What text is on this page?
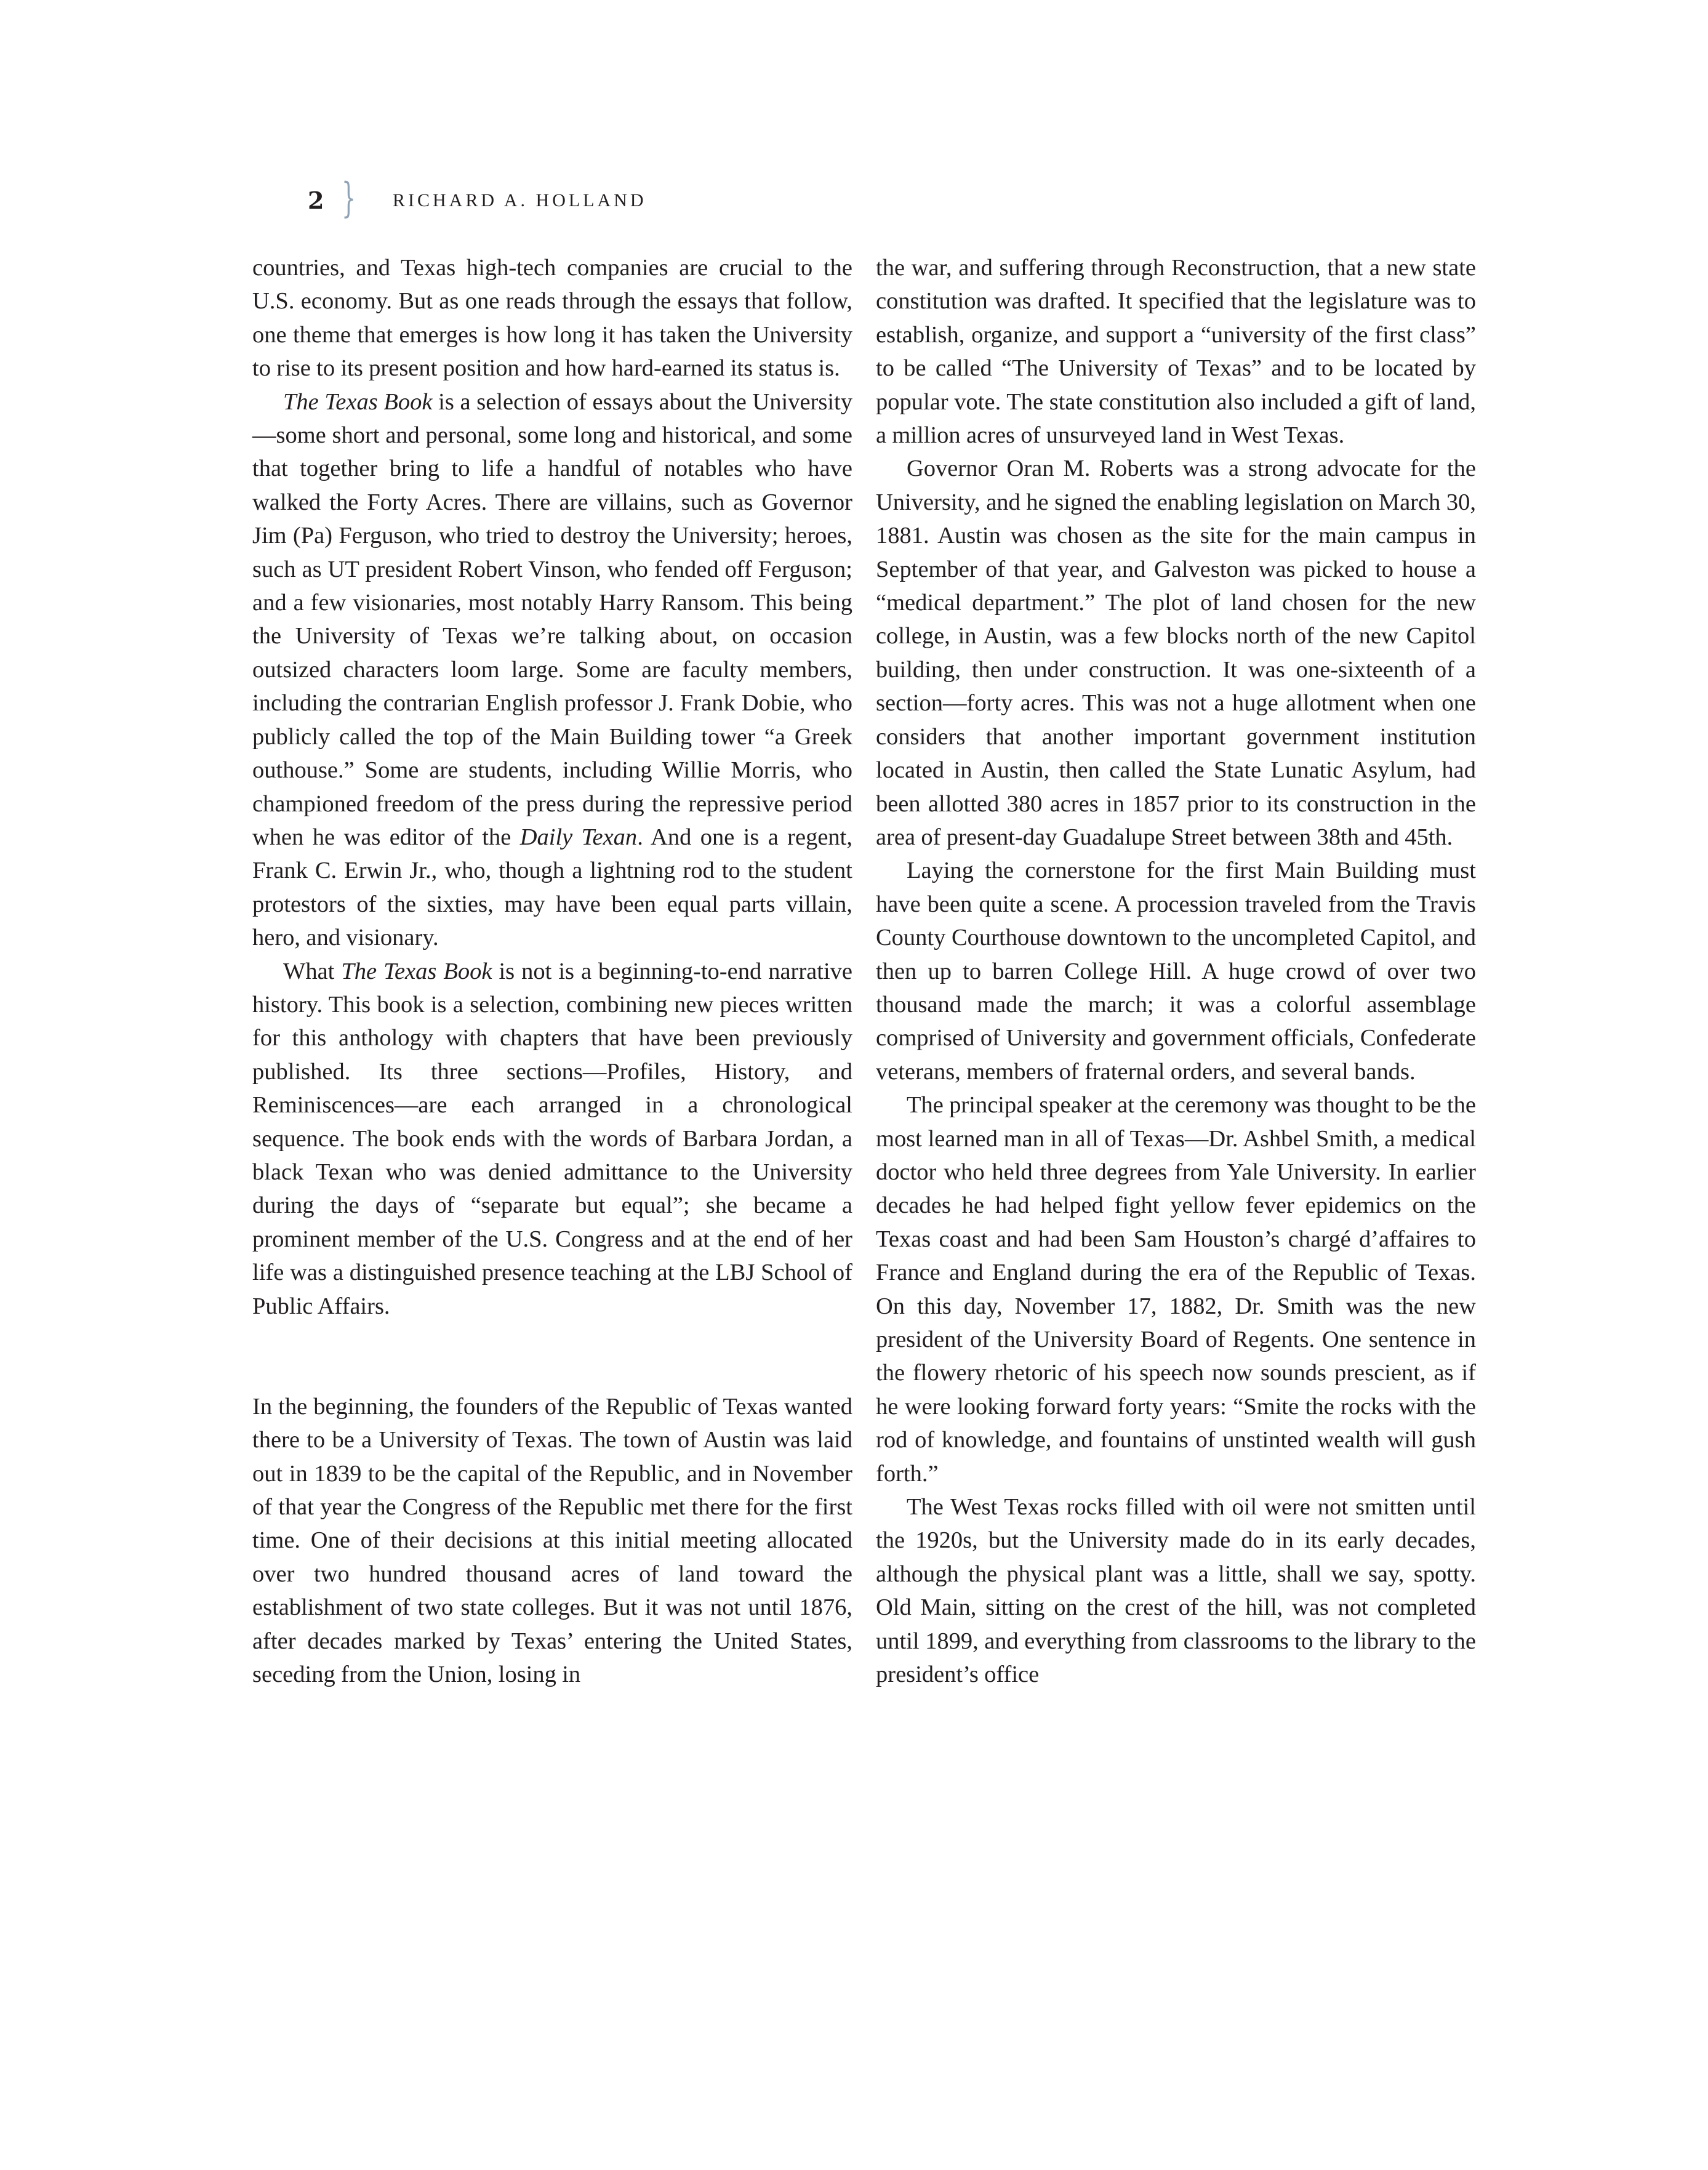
2 } RICHARD A. HOLLAND

countries, and Texas high-tech companies are crucial to the U.S. economy. But as one reads through the essays that follow, one theme that emerges is how long it has taken the University to rise to its present position and how hard-earned its status is.

The Texas Book is a selection of essays about the University—some short and personal, some long and historical, and some that together bring to life a handful of notables who have walked the Forty Acres. There are villains, such as Governor Jim (Pa) Ferguson, who tried to destroy the University; heroes, such as UT president Robert Vinson, who fended off Ferguson; and a few visionaries, most notably Harry Ransom. This being the University of Texas we’re talking about, on occasion outsized characters loom large. Some are faculty members, including the contrarian English professor J. Frank Dobie, who publicly called the top of the Main Building tower “a Greek outhouse.” Some are students, including Willie Morris, who championed freedom of the press during the repressive period when he was editor of the Daily Texan. And one is a regent, Frank C. Erwin Jr., who, though a lightning rod to the student protestors of the sixties, may have been equal parts villain, hero, and visionary.

What The Texas Book is not is a beginning-to-end narrative history. This book is a selection, combining new pieces written for this anthology with chapters that have been previously published. Its three sections—Profiles, History, and Reminiscences—are each arranged in a chronological sequence. The book ends with the words of Barbara Jordan, a black Texan who was denied admittance to the University during the days of “separate but equal”; she became a prominent member of the U.S. Congress and at the end of her life was a distinguished presence teaching at the LBJ School of Public Affairs.

In the beginning, the founders of the Republic of Texas wanted there to be a University of Texas. The town of Austin was laid out in 1839 to be the capital of the Republic, and in November of that year the Congress of the Republic met there for the first time. One of their decisions at this initial meeting allocated over two hundred thousand acres of land toward the establishment of two state colleges. But it was not until 1876, after decades marked by Texas’ entering the United States, seceding from the Union, losing in

the war, and suffering through Reconstruction, that a new state constitution was drafted. It specified that the legislature was to establish, organize, and support a “university of the first class” to be called “The University of Texas” and to be located by popular vote. The state constitution also included a gift of land, a million acres of unsurveyed land in West Texas.

Governor Oran M. Roberts was a strong advocate for the University, and he signed the enabling legislation on March 30, 1881. Austin was chosen as the site for the main campus in September of that year, and Galveston was picked to house a “medical department.” The plot of land chosen for the new college, in Austin, was a few blocks north of the new Capitol building, then under construction. It was one-sixteenth of a section—forty acres. This was not a huge allotment when one considers that another important government institution located in Austin, then called the State Lunatic Asylum, had been allotted 380 acres in 1857 prior to its construction in the area of present-day Guadalupe Street between 38th and 45th.

Laying the cornerstone for the first Main Building must have been quite a scene. A procession traveled from the Travis County Courthouse downtown to the uncompleted Capitol, and then up to barren College Hill. A huge crowd of over two thousand made the march; it was a colorful assemblage comprised of University and government officials, Confederate veterans, members of fraternal orders, and several bands.

The principal speaker at the ceremony was thought to be the most learned man in all of Texas—Dr. Ashbel Smith, a medical doctor who held three degrees from Yale University. In earlier decades he had helped fight yellow fever epidemics on the Texas coast and had been Sam Houston’s chargé d’affaires to France and England during the era of the Republic of Texas. On this day, November 17, 1882, Dr. Smith was the new president of the University Board of Regents. One sentence in the flowery rhetoric of his speech now sounds prescient, as if he were looking forward forty years: “Smite the rocks with the rod of knowledge, and fountains of unstinted wealth will gush forth.”

The West Texas rocks filled with oil were not smitten until the 1920s, but the University made do in its early decades, although the physical plant was a little, shall we say, spotty. Old Main, sitting on the crest of the hill, was not completed until 1899, and everything from classrooms to the library to the president’s office
